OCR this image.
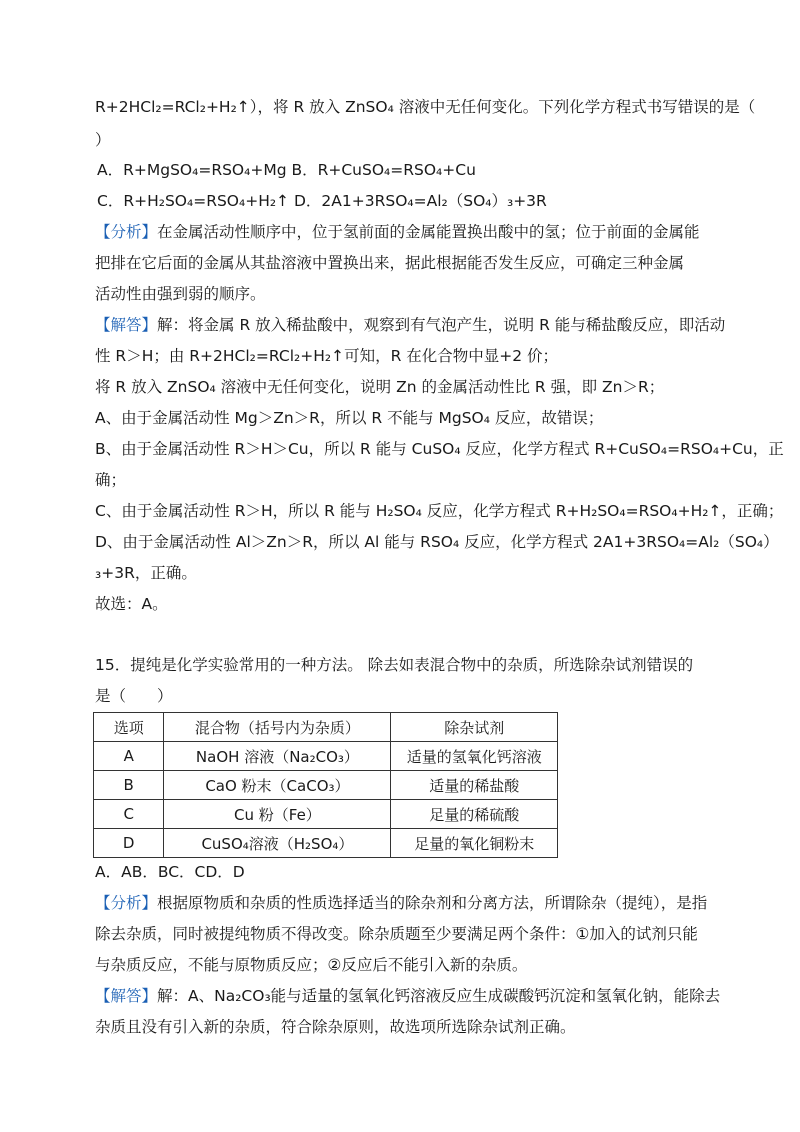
R+2HCl₂=RCl₂+H₂↑），将 R 放入 ZnSO₄ 溶液中无任何变化。下列化学方程式书写错误的是（
）
A．R+MgSO₄=RSO₄+Mg B．R+CuSO₄=RSO₄+Cu
C．R+H₂SO₄=RSO₄+H₂↑ D．2A1+3RSO₄=Al₂（SO₄）₃+3R
【分析】在金属活动性顺序中，位于氢前面的金属能置换出酸中的氢；位于前面的金属能
把排在它后面的金属从其盐溶液中置换出来，据此根据能否发生反应，可确定三种金属
活动性由强到弱的顺序。
【解答】解：将金属 R 放入稀盐酸中，观察到有气泡产生，说明 R 能与稀盐酸反应，即活动
性 R＞H；由 R+2HCl₂=RCl₂+H₂↑可知，R 在化合物中显+2 价；
将 R 放入 ZnSO₄ 溶液中无任何变化，说明 Zn 的金属活动性比 R 强，即 Zn＞R；
A、由于金属活动性 Mg＞Zn＞R，所以 R 不能与 MgSO₄ 反应，故错误；
B、由于金属活动性 R＞H＞Cu，所以 R 能与 CuSO₄ 反应，化学方程式 R+CuSO₄=RSO₄+Cu，正
确；
C、由于金属活动性 R＞H，所以 R 能与 H₂SO₄ 反应，化学方程式 R+H₂SO₄=RSO₄+H₂↑，正确；
D、由于金属活动性 Al＞Zn＞R，所以 Al 能与 RSO₄ 反应，化学方程式 2A1+3RSO₄=Al₂（SO₄）
₃+3R，正确。
故选：A。
15．提纯是化学实验常用的一种方法。 除去如表混合物中的杂质，所选除杂试剂错误的
是（　　）
选项	混合物（括号内为杂质）	除杂试剂
A	NaOH 溶液（Na₂CO₃）	适量的氢氧化钙溶液
B	CaO 粉末（CaCO₃）	适量的稀盐酸
C	Cu 粉（Fe）	足量的稀硫酸
D	CuSO₄溶液（H₂SO₄）	足量的氧化铜粉末
A．AB．BC．CD．D
【分析】根据原物质和杂质的性质选择适当的除杂剂和分离方法，所谓除杂（提纯），是指
除去杂质，同时被提纯物质不得改变。除杂质题至少要满足两个条件：①加入的试剂只能
与杂质反应，不能与原物质反应；②反应后不能引入新的杂质。
【解答】解：A、Na₂CO₃能与适量的氢氧化钙溶液反应生成碳酸钙沉淀和氢氧化钠，能除去
杂质且没有引入新的杂质，符合除杂原则，故选项所选除杂试剂正确。
